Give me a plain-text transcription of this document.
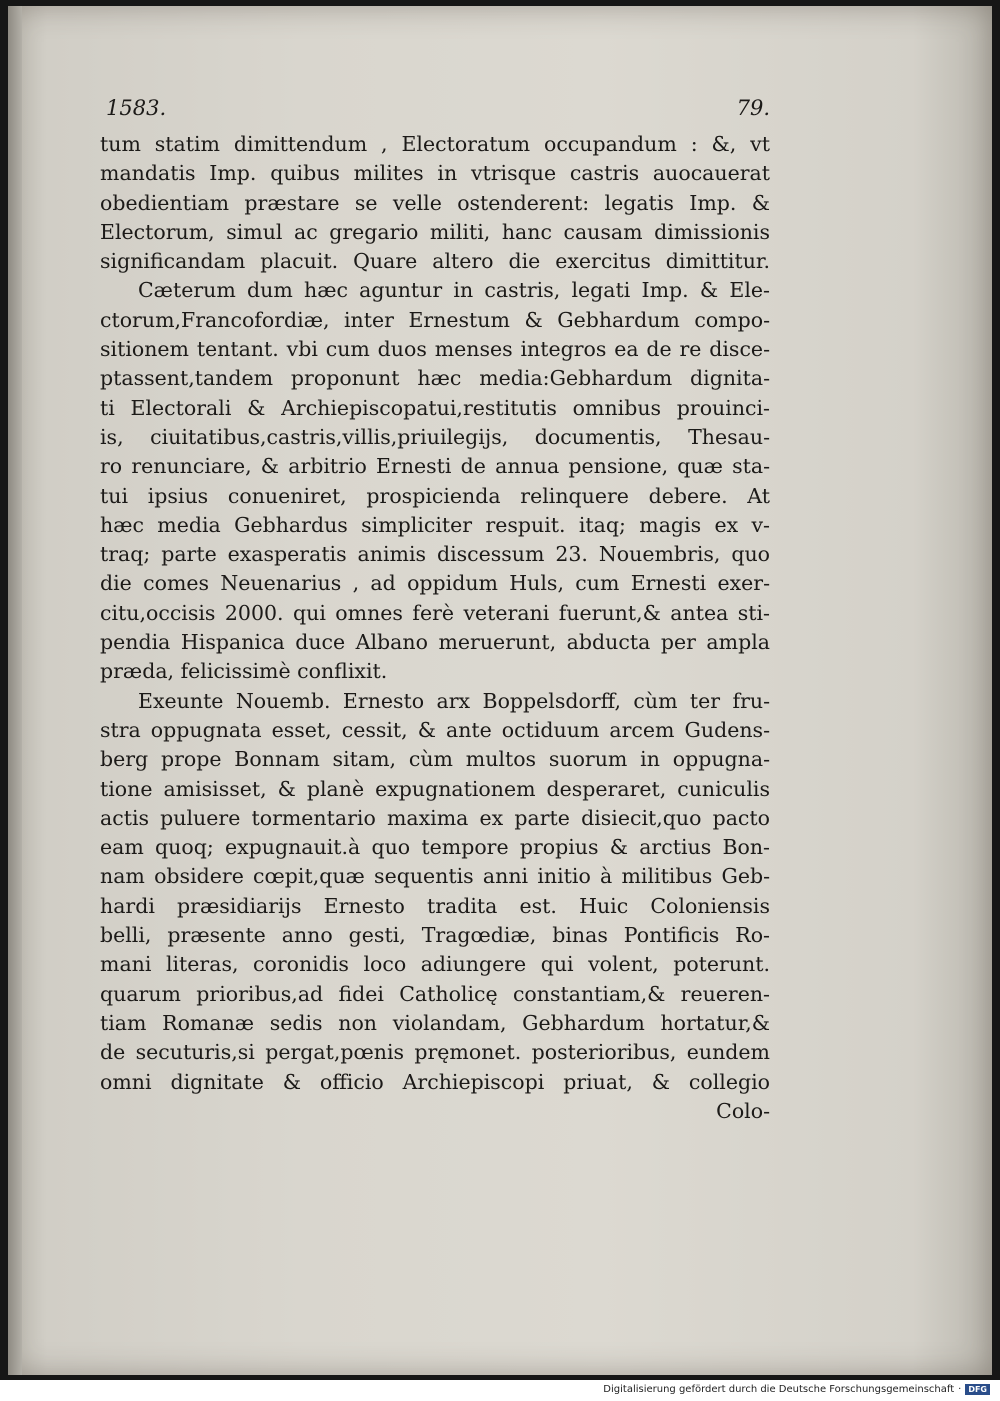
1583.	79.
tum statim dimittendum , Electoratum occupandum : &, vt
mandatis Imp. quibus milites in vtrisque castris auocauerat
obedientiam præstare se velle ostenderent: legatis Imp. &
Electorum, simul ac gregario militi, hanc causam dimissionis
significandam placuit. Quare altero die exercitus dimittitur.
Cæterum dum hæc aguntur in castris, legati Imp. & Ele-
ctorum,Francofordiæ, inter Ernestum & Gebhardum compo-
sitionem tentant. vbi cum duos menses integros ea de re disce-
ptassent,tandem proponunt hæc media:Gebhardum dignita-
ti Electorali & Archiepiscopatui,restitutis omnibus prouinci-
is, ciuitatibus,castris,villis,priuilegijs, documentis, Thesau-
ro renunciare, & arbitrio Ernesti de annua pensione, quæ sta-
tui ipsius conueniret, prospicienda relinquere debere. At
hæc media Gebhardus simpliciter respuit. itaq; magis ex v-
traq; parte exasperatis animis discessum 23. Nouembris, quo
die comes Neuenarius , ad oppidum Huls, cum Ernesti exer-
citu,occisis 2000. qui omnes ferè veterani fuerunt,& antea sti-
pendia Hispanica duce Albano meruerunt, abducta per ampla
præda, felicissimè conflixit.
Exeunte Nouemb. Ernesto arx Boppelsdorff, cùm ter fru-
stra oppugnata esset, cessit, & ante octiduum arcem Gudens-
berg prope Bonnam sitam, cùm multos suorum in oppugna-
tione amisisset, & planè expugnationem desperaret, cuniculis
actis puluere tormentario maxima ex parte disiecit,quo pacto
eam quoq; expugnauit.à quo tempore propius & arctius Bon-
nam obsidere cœpit,quæ sequentis anni initio à militibus Geb-
hardi præsidiarijs Ernesto tradita est. Huic Coloniensis
belli, præsente anno gesti, Tragœdiæ, binas Pontificis Ro-
mani literas, coronidis loco adiungere qui volent, poterunt.
quarum prioribus,ad fidei Catholicę constantiam,& reueren-
tiam Romanæ sedis non violandam, Gebhardum hortatur,&
de secuturis,si pergat,pœnis pręmonet. posterioribus, eundem
omni dignitate & officio Archiepiscopi priuat, & collegio
Colo-
Digitalisierung gefördert durch die Deutsche Forschungsgemeinschaft · DFG
